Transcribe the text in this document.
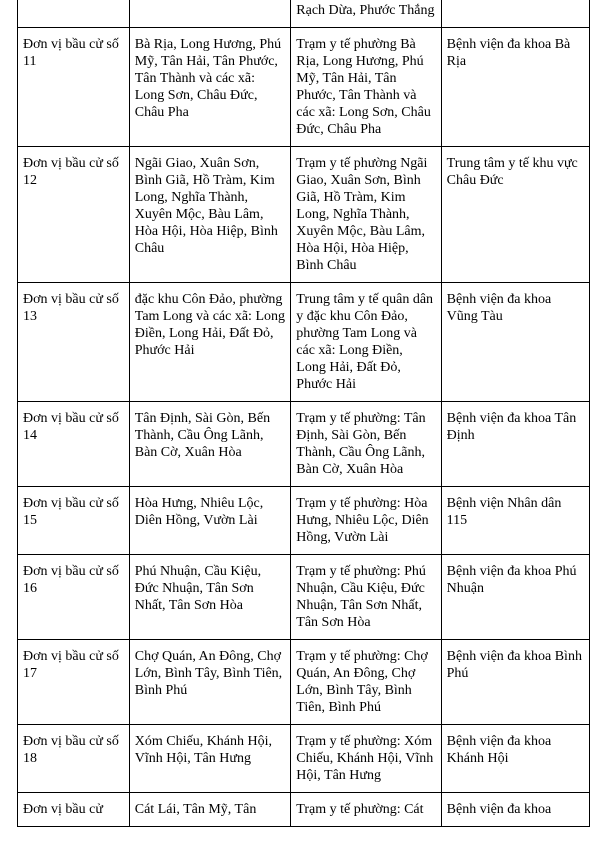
		Rạch Dừa, Phước Thắng	
Đơn vị bầu cử số 11	Bà Rịa, Long Hương, Phú Mỹ, Tân Hải, Tân Phước, Tân Thành và các xã: Long Sơn, Châu Đức, Châu Pha	Trạm y tế phường Bà Rịa, Long Hương, Phú Mỹ, Tân Hải, Tân Phước, Tân Thành và các xã: Long Sơn, Châu Đức, Châu Pha	Bệnh viện đa khoa Bà Rịa
Đơn vị bầu cử số 12	Ngãi Giao, Xuân Sơn, Bình Giã, Hồ Tràm, Kim Long, Nghĩa Thành, Xuyên Mộc, Bàu Lâm, Hòa Hội, Hòa Hiệp, Bình Châu	Trạm y tế phường Ngãi Giao, Xuân Sơn, Bình Giã, Hồ Tràm, Kim Long, Nghĩa Thành, Xuyên Mộc, Bàu Lâm, Hòa Hội, Hòa Hiệp, Bình Châu	Trung tâm y tế khu vực Châu Đức
Đơn vị bầu cử số 13	đặc khu Côn Đảo, phường Tam Long và các xã: Long Điền, Long Hải, Đất Đỏ, Phước Hải	Trung tâm y tế quân dân y đặc khu Côn Đảo, phường Tam Long và các xã: Long Điền, Long Hải, Đất Đỏ, Phước Hải	Bệnh viện đa khoa Vũng Tàu
Đơn vị bầu cử số 14	Tân Định, Sài Gòn, Bến Thành, Cầu Ông Lãnh, Bàn Cờ, Xuân Hòa	Trạm y tế phường: Tân Định, Sài Gòn, Bến Thành, Cầu Ông Lãnh, Bàn Cờ, Xuân Hòa	Bệnh viện đa khoa Tân Định
Đơn vị bầu cử số 15	Hòa Hưng, Nhiêu Lộc, Diên Hồng, Vườn Lài	Trạm y tế phường: Hòa Hưng, Nhiêu Lộc, Diên Hồng, Vườn Lài	Bệnh viện Nhân dân 115
Đơn vị bầu cử số 16	Phú Nhuận, Cầu Kiệu, Đức Nhuận, Tân Sơn Nhất, Tân Sơn Hòa	Trạm y tế phường: Phú Nhuận, Cầu Kiệu, Đức Nhuận, Tân Sơn Nhất, Tân Sơn Hòa	Bệnh viện đa khoa Phú Nhuận
Đơn vị bầu cử số 17	Chợ Quán, An Đông, Chợ Lớn, Bình Tây, Bình Tiên, Bình Phú	Trạm y tế phường: Chợ Quán, An Đông, Chợ Lớn, Bình Tây, Bình Tiên, Bình Phú	Bệnh viện đa khoa Bình Phú
Đơn vị bầu cử số 18	Xóm Chiếu, Khánh Hội, Vĩnh Hội, Tân Hưng	Trạm y tế phường: Xóm Chiếu, Khánh Hội, Vĩnh Hội, Tân Hưng	Bệnh viện đa khoa Khánh Hội
Đơn vị bầu cử	Cát Lái, Tân Mỹ, Tân	Trạm y tế phường: Cát	Bệnh viện đa khoa
